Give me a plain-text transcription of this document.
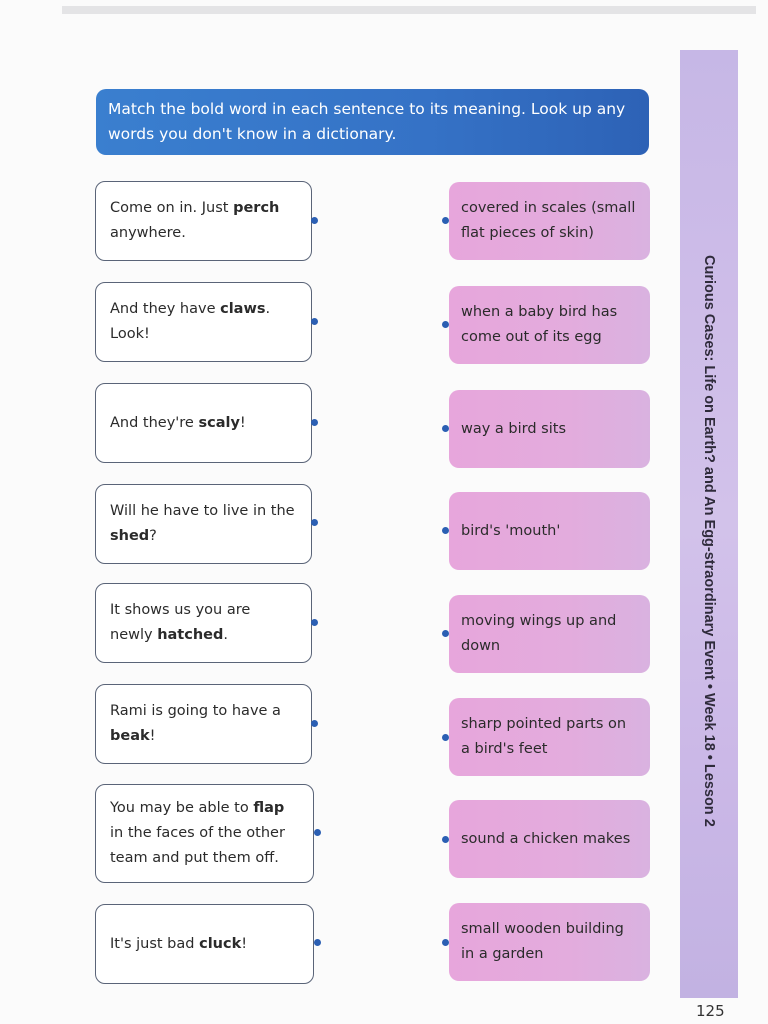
Match the bold word in each sentence to its meaning. Look up any words you don't know in a dictionary.
Come on in. Just perch anywhere.
And they have claws. Look!
And they're scaly!
Will he have to live in the shed?
It shows us you are newly hatched.
Rami is going to have a beak!
You may be able to flap in the faces of the other team and put them off.
It's just bad cluck!
covered in scales (small flat pieces of skin)
when a baby bird has come out of its egg
way a bird sits
bird's 'mouth'
moving wings up and down
sharp pointed parts on a bird's feet
sound a chicken makes
small wooden building in a garden
Curious Cases: Life on Earth? and An Egg-straordinary Event • Week 18 • Lesson 2
125
